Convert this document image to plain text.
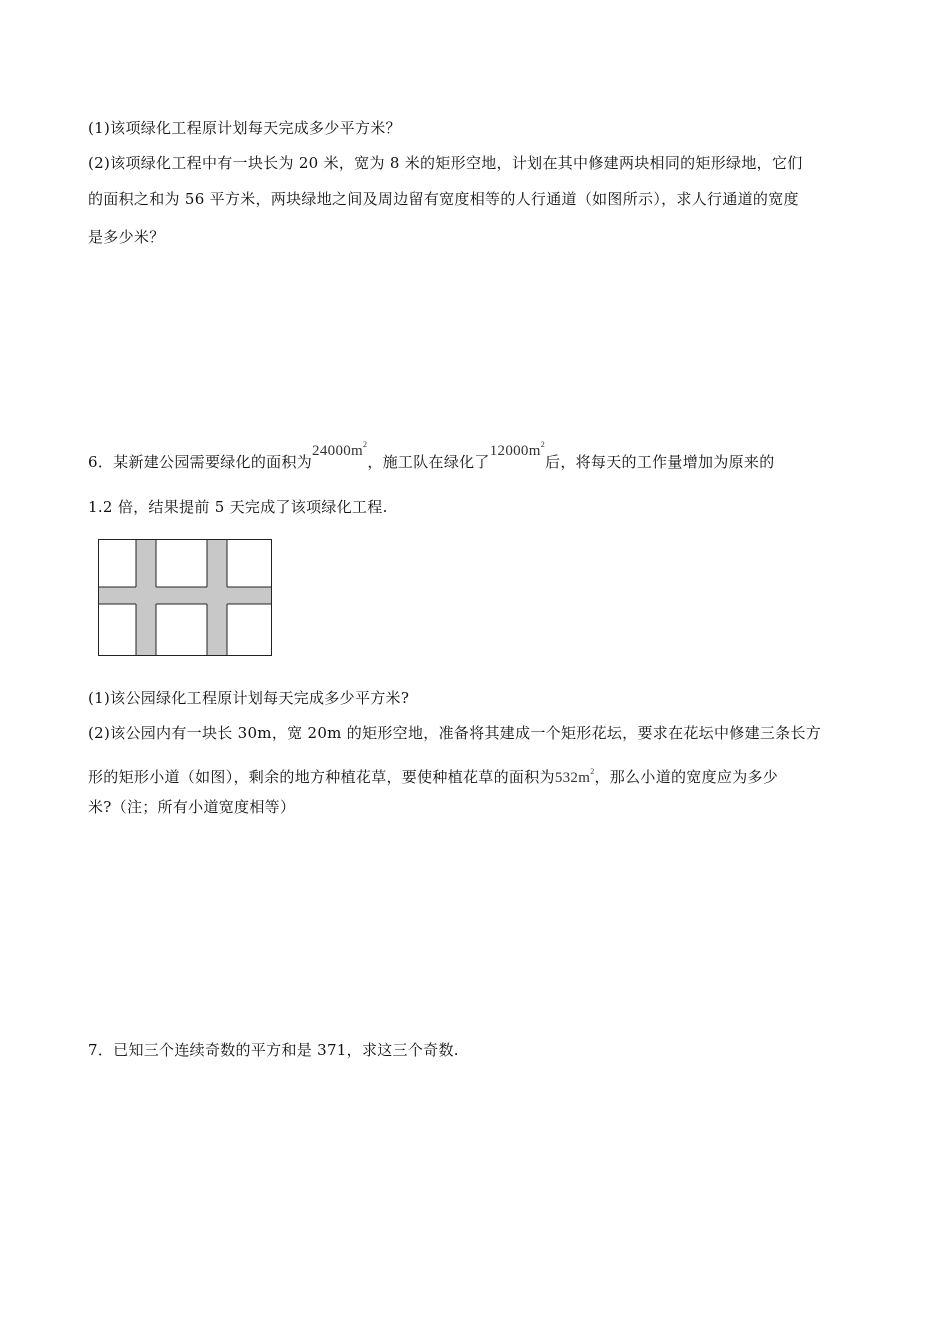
(1)该项绿化工程原计划每天完成多少平方米？
(2)该项绿化工程中有一块长为 20 米，宽为 8 米的矩形空地，计划在其中修建两块相同的矩形绿地，它们
的面积之和为 56 平方米，两块绿地之间及周边留有宽度相等的人行通道（如图所示），求人行通道的宽度
是多少米？
6．某新建公园需要绿化的面积为$24000m^2$，施工队在绿化了$12000m^2$后，将每天的工作量增加为原来的
1.2 倍，结果提前 5 天完成了该项绿化工程.
(1)该公园绿化工程原计划每天完成多少平方米?
(2)该公园内有一块长 30m，宽 20m 的矩形空地，准备将其建成一个矩形花坛，要求在花坛中修建三条长方
形的矩形小道（如图），剩余的地方种植花草，要使种植花草的面积为$532m^2$，那么小道的宽度应为多少
米?（注；所有小道宽度相等）
7．已知三个连续奇数的平方和是 371，求这三个奇数.
